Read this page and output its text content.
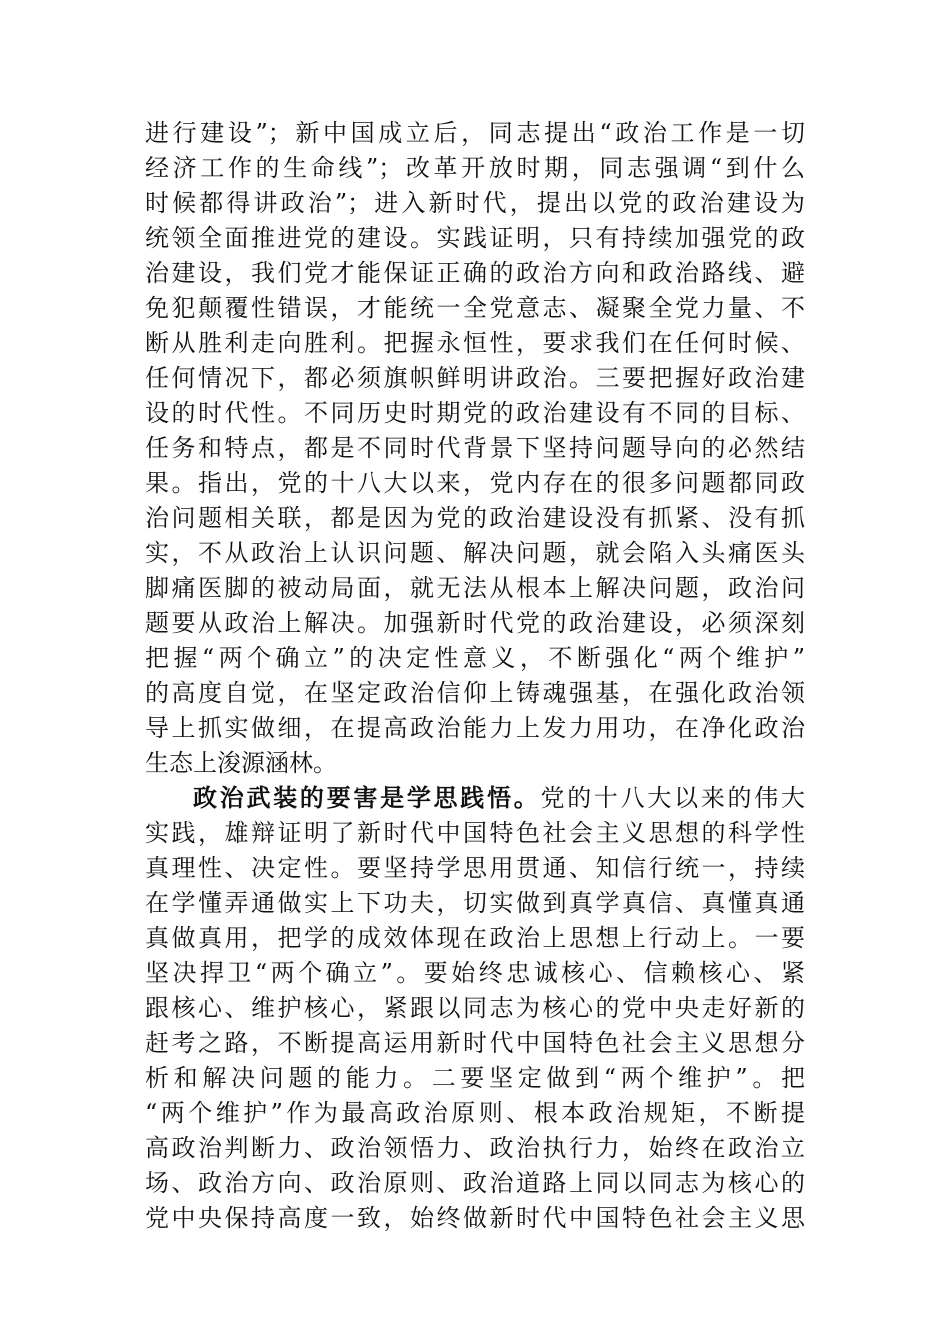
进行建设”；新中国成立后，同志提出“政治工作是一切
经济工作的生命线”；改革开放时期，同志强调“到什么
时候都得讲政治”；进入新时代，提出以党的政治建设为
统领全面推进党的建设。实践证明，只有持续加强党的政
治建设，我们党才能保证正确的政治方向和政治路线、避
免犯颠覆性错误，才能统一全党意志、凝聚全党力量、不
断从胜利走向胜利。把握永恒性，要求我们在任何时候、
任何情况下，都必须旗帜鲜明讲政治。三要把握好政治建
设的时代性。不同历史时期党的政治建设有不同的目标、
任务和特点，都是不同时代背景下坚持问题导向的必然结
果。指出，党的十八大以来，党内存在的很多问题都同政
治问题相关联，都是因为党的政治建设没有抓紧、没有抓
实，不从政治上认识问题、解决问题，就会陷入头痛医头
脚痛医脚的被动局面，就无法从根本上解决问题，政治问
题要从政治上解决。加强新时代党的政治建设，必须深刻
把握“两个确立”的决定性意义，不断强化“两个维护”
的高度自觉，在坚定政治信仰上铸魂强基，在强化政治领
导上抓实做细，在提高政治能力上发力用功，在净化政治
生态上浚源涵林。
政治武装的要害是学思践悟。党的十八大以来的伟大
实践，雄辩证明了新时代中国特色社会主义思想的科学性
真理性、决定性。要坚持学思用贯通、知信行统一，持续
在学懂弄通做实上下功夫，切实做到真学真信、真懂真通
真做真用，把学的成效体现在政治上思想上行动上。一要
坚决捍卫“两个确立”。要始终忠诚核心、信赖核心、紧
跟核心、维护核心，紧跟以同志为核心的党中央走好新的
赶考之路，不断提高运用新时代中国特色社会主义思想分
析和解决问题的能力。二要坚定做到“两个维护”。把
“两个维护”作为最高政治原则、根本政治规矩，不断提
高政治判断力、政治领悟力、政治执行力，始终在政治立
场、政治方向、政治原则、政治道路上同以同志为核心的
党中央保持高度一致，始终做新时代中国特色社会主义思
